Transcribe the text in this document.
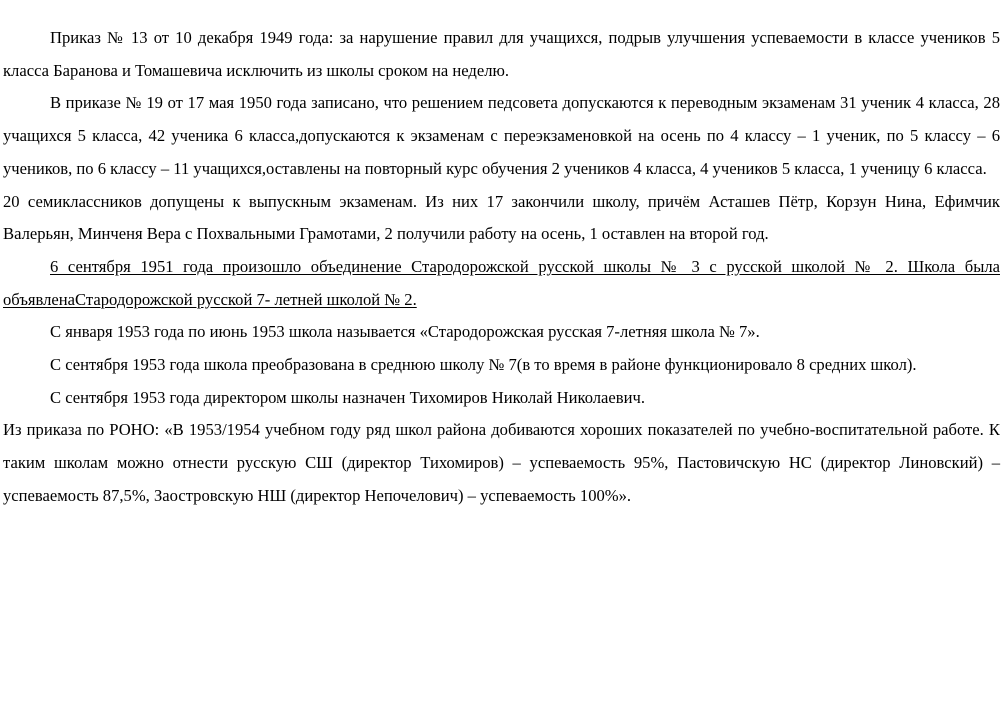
Приказ № 13 от 10 декабря 1949 года: за нарушение правил для учащихся, подрыв улучшения успеваемости в классе учеников 5 класса Баранова и Томашевича исключить из школы сроком на неделю.

В приказе № 19 от 17 мая 1950 года записано, что решением педсовета допускаются к переводным экзаменам 31 ученик 4 класса, 28 учащихся 5 класса, 42 ученика 6 класса,допускаются к экзаменам с переэкзаменовкой на осень по 4 классу – 1 ученик, по 5 классу – 6 учеников, по 6 классу – 11 учащихся,оставлены на повторный курс обучения 2 учеников 4 класса, 4 учеников 5 класса, 1 ученицу 6 класса.

20 семиклассников допущены к выпускным экзаменам. Из них 17 закончили школу, причём Асташев Пётр, Корзун Нина, Ефимчик Валерьян, Минченя Вера с Похвальными Грамотами, 2 получили работу на осень, 1 оставлен на второй год.

6 сентября 1951 года произошло объединение Стародорожской русской школы № 3 с русской школой № 2. Школа была объявленаСтародорожской русской 7- летней школой № 2.

С января 1953 года по июнь 1953 школа называется «Стародорожская русская 7-летняя школа № 7».

С сентября 1953 года школа преобразована в среднюю школу № 7(в то время в районе функционировало 8 средних школ).

С сентября 1953 года директором школы назначен Тихомиров Николай Николаевич.

Из приказа по РОНО: «В 1953/1954 учебном году ряд школ района добиваются хороших показателей по учебно-воспитательной работе. К таким школам можно отнести русскую СШ (директор Тихомиров) – успеваемость 95%, Пастовичскую НС (директор Линовский) – успеваемость 87,5%, Заостровскую НШ (директор Непочелович) – успеваемость 100%».
